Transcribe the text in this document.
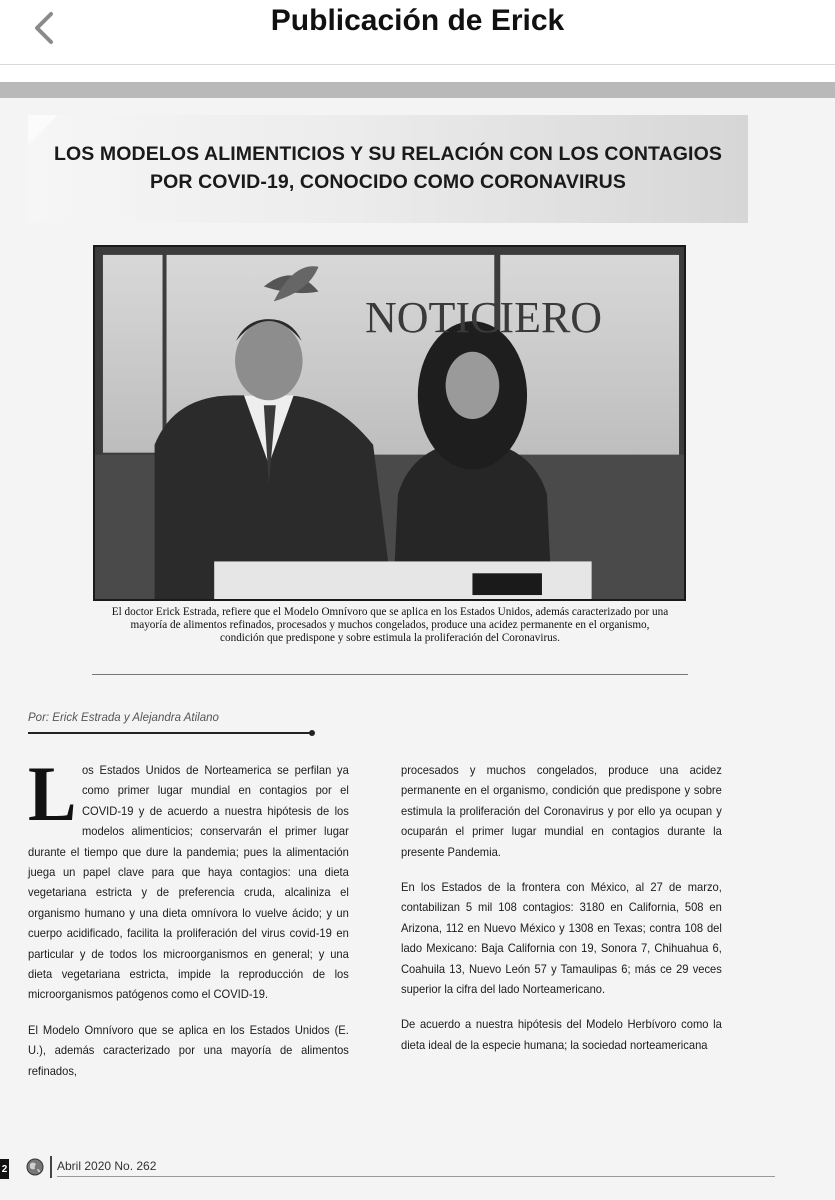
Publicación de Erick
LOS MODELOS ALIMENTICIOS Y SU RELACIÓN CON LOS CONTAGIOS
POR COVID-19, CONOCIDO COMO CORONAVIRUS
NOTICIERO
El doctor Erick Estrada, refiere que el Modelo Omnívoro que se aplica en los Estados Unidos, además caracterizado por una mayoría de alimentos refinados, procesados y muchos congelados, produce una acidez permanente en el organismo, condición que predispone y sobre estimula la proliferación del Coronavirus.
Por: Erick Estrada y Alejandra Atilano

Los Estados Unidos de Norteamerica se perfilan ya como primer lugar mundial en contagios por el COVID-19 y de acuerdo a nuestra hipótesis de los modelos alimenticios; conservarán el primer lugar durante el tiempo que dure la pandemia; pues la alimentación juega un papel clave para que haya contagios: una dieta vegetariana estricta y de preferencia cruda, alcaliniza el organismo humano y una dieta omnívora lo vuelve ácido; y un cuerpo acidificado, facilita la proliferación del virus covid-19 en particular y de todos los microorganismos en general; y una dieta vegetariana estricta, impide la reproducción de los microorganismos patógenos como el COVID-19.

El Modelo Omnívoro que se aplica en los Estados Unidos (E. U.), además caracterizado por una mayoría de alimentos refinados,

procesados y muchos congelados, produce una acidez permanente en el organismo, condición que predispone y sobre estimula la proliferación del Coronavirus y por ello ya ocupan y ocuparán el primer lugar mundial en contagios durante la presente Pandemia.

En los Estados de la frontera con México, al 27 de marzo, contabilizan 5 mil 108 contagios: 3180 en California, 508 en Arizona, 112 en Nuevo México y 1308 en Texas; contra 108 del lado Mexicano: Baja California con 19, Sonora 7, Chihuahua 6, Coahuila 13, Nuevo León 57 y Tamaulipas 6; más ce 29 veces superior la cifra del lado Norteamericano.

De acuerdo a nuestra hipótesis del Modelo Herbívoro como la dieta ideal de la especie humana; la sociedad norteamericana

2	Abril 2020 No. 262
